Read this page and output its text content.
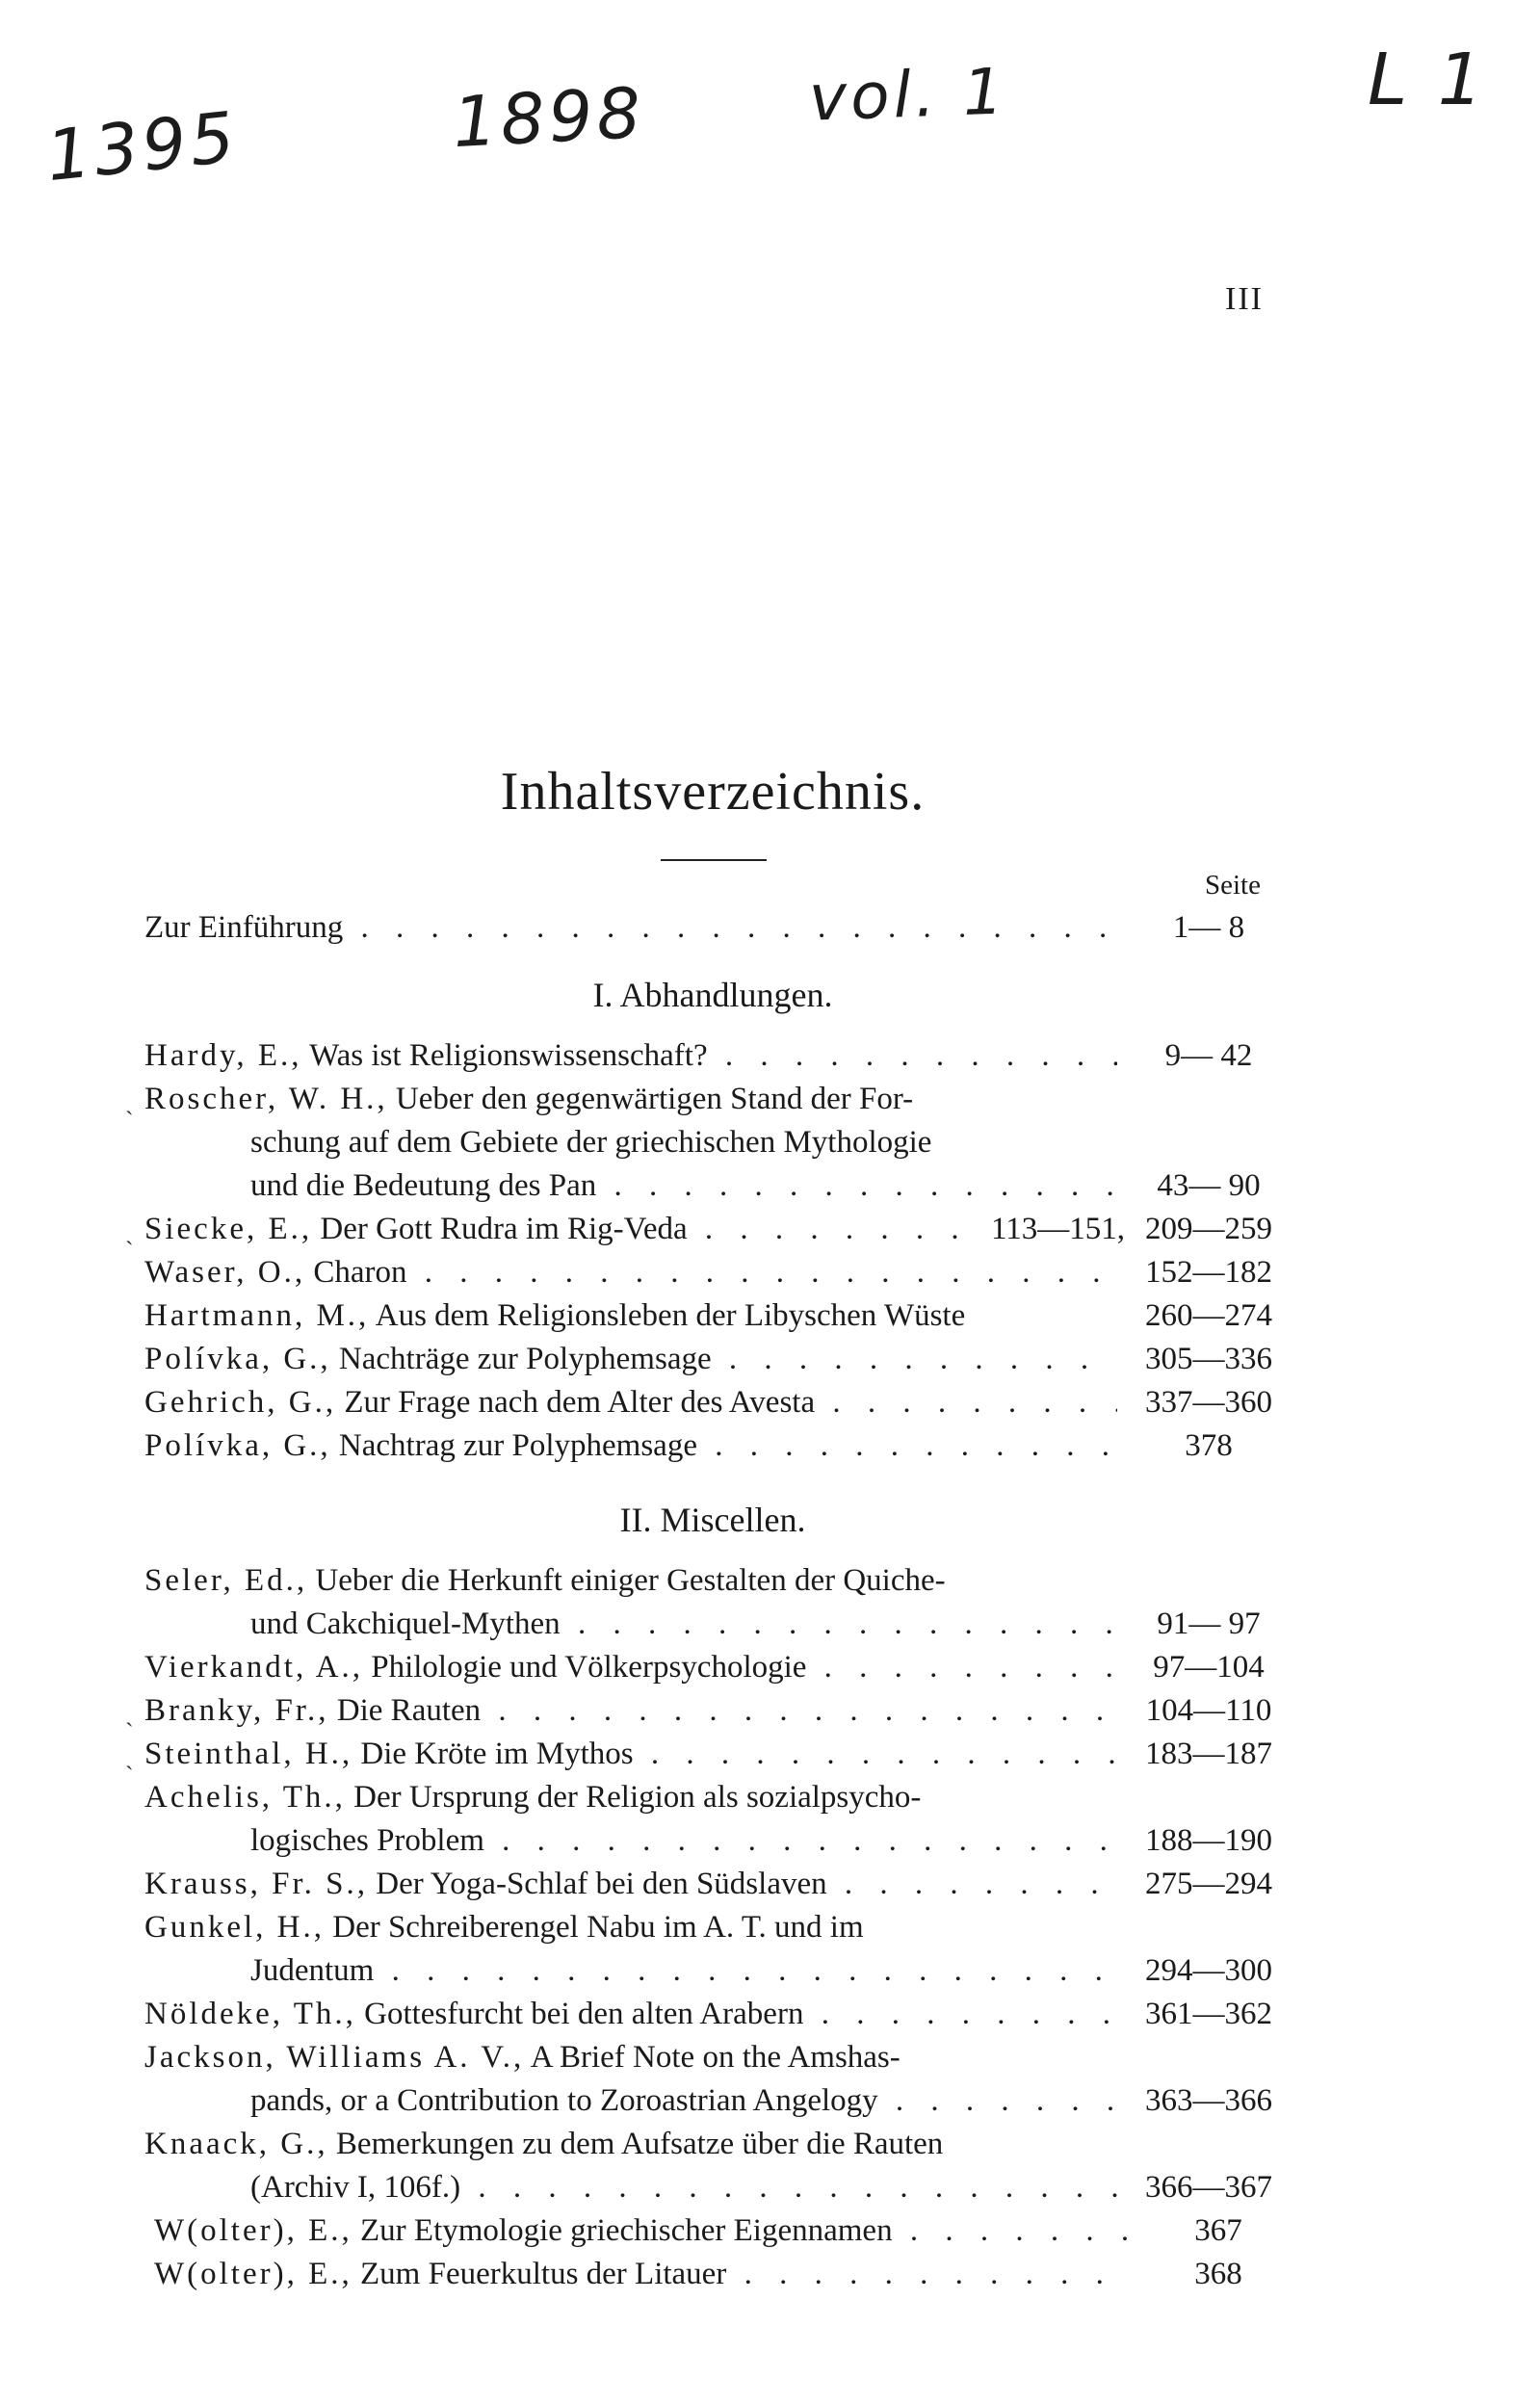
1395	1898	vol. 1	L 1
III
Inhaltsverzeichnis.
Seite
Zur Einführung . . .	1— 8
I. Abhandlungen.
Hardy, E., Was ist Religionswissenschaft? . . .	9— 42
Roscher, W. H., Ueber den gegenwärtigen Stand der For-
schung auf dem Gebiete der griechischen Mythologie
und die Bedeutung des Pan . . .	43— 90
Siecke, E., Der Gott Rudra im Rig-Veda . . .	113—151, 209—259
Waser, O., Charon . . .	152—182
Hartmann, M., Aus dem Religionsleben der Libyschen Wüste	260—274
Polívka, G., Nachträge zur Polyphemsage . . .	305—336
Gehrich, G., Zur Frage nach dem Alter des Avesta . . .	337—360
Polívka, G., Nachtrag zur Polyphemsage . . .	378
II. Miscellen.
Seler, Ed., Ueber die Herkunft einiger Gestalten der Quiche-
und Cakchiquel-Mythen . . .	91— 97
Vierkandt, A., Philologie und Völkerpsychologie . . .	97—104
Branky, Fr., Die Rauten . . .	104—110
Steinthal, H., Die Kröte im Mythos . . .	183—187
Achelis, Th., Der Ursprung der Religion als sozialpsycho-
logisches Problem . . .	188—190
Krauss, Fr. S., Der Yoga-Schlaf bei den Südslaven . . .	275—294
Gunkel, H., Der Schreiberengel Nabu im A. T. und im
Judentum . . .	294—300
Nöldeke, Th., Gottesfurcht bei den alten Arabern . . .	361—362
Jackson, Williams A. V., A Brief Note on the Amshas-
pands, or a Contribution to Zoroastrian Angelogy . . .	363—366
Knaack, G., Bemerkungen zu dem Aufsatze über die Rauten
(Archiv I, 106f.) . . .	366—367
W(olter), E., Zur Etymologie griechischer Eigennamen . . .	367
W(olter), E., Zum Feuerkultus der Litauer . . .	368
ˎ
ˎ
ˎ
ˎ
